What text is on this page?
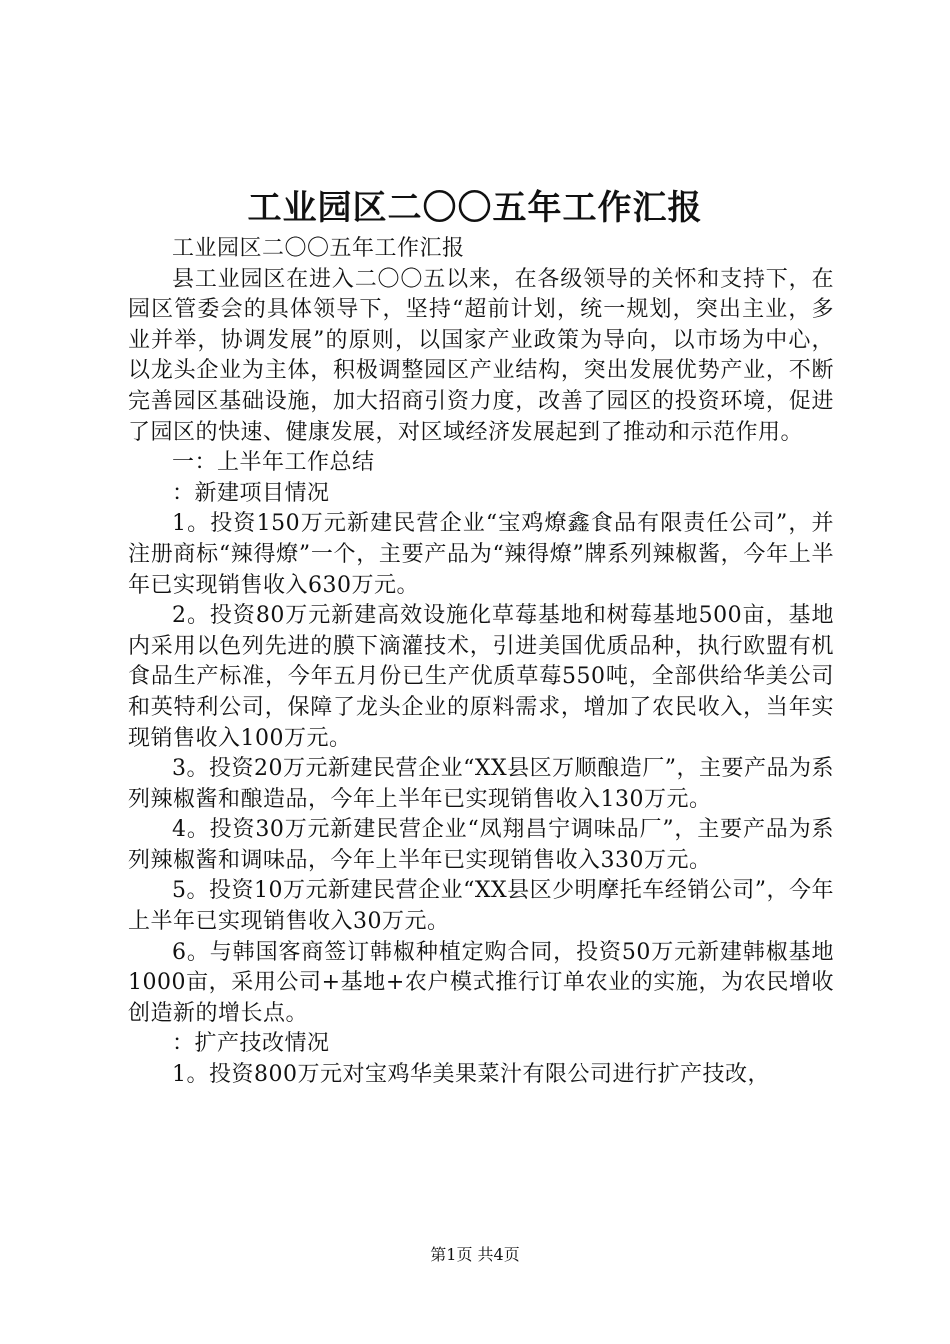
工业园区二〇〇五年工作汇报

工业园区二〇〇五年工作汇报

县工业园区在进入二〇〇五以来，在各级领导的关怀和支持下，在园区管委会的具体领导下，坚持“超前计划，统一规划，突出主业，多业并举，协调发展”的原则，以国家产业政策为导向，以市场为中心，以龙头企业为主体，积极调整园区产业结构，突出发展优势产业，不断完善园区基础设施，加大招商引资力度，改善了园区的投资环境，促进了园区的快速、健康发展，对区域经济发展起到了推动和示范作用。

一：上半年工作总结

：新建项目情况

1。投资150万元新建民营企业“宝鸡燎鑫食品有限责任公司”，并注册商标“辣得燎”一个，主要产品为“辣得燎”牌系列辣椒酱，今年上半年已实现销售收入630万元。

2。投资80万元新建高效设施化草莓基地和树莓基地500亩，基地内采用以色列先进的膜下滴灌技术，引进美国优质品种，执行欧盟有机食品生产标准，今年五月份已生产优质草莓550吨，全部供给华美公司和英特利公司，保障了龙头企业的原料需求，增加了农民收入，当年实现销售收入100万元。

3。投资20万元新建民营企业“XX县区万顺酿造厂”，主要产品为系列辣椒酱和酿造品，今年上半年已实现销售收入130万元。

4。投资30万元新建民营企业“凤翔昌宁调味品厂”，主要产品为系列辣椒酱和调味品，今年上半年已实现销售收入330万元。

5。投资10万元新建民营企业“XX县区少明摩托车经销公司”，今年上半年已实现销售收入30万元。

6。与韩国客商签订韩椒种植定购合同，投资50万元新建韩椒基地1000亩，采用公司+基地+农户模式推行订单农业的实施，为农民增收创造新的增长点。

：扩产技改情况

1。投资800万元对宝鸡华美果菜汁有限公司进行扩产技改，

第1页 共4页
